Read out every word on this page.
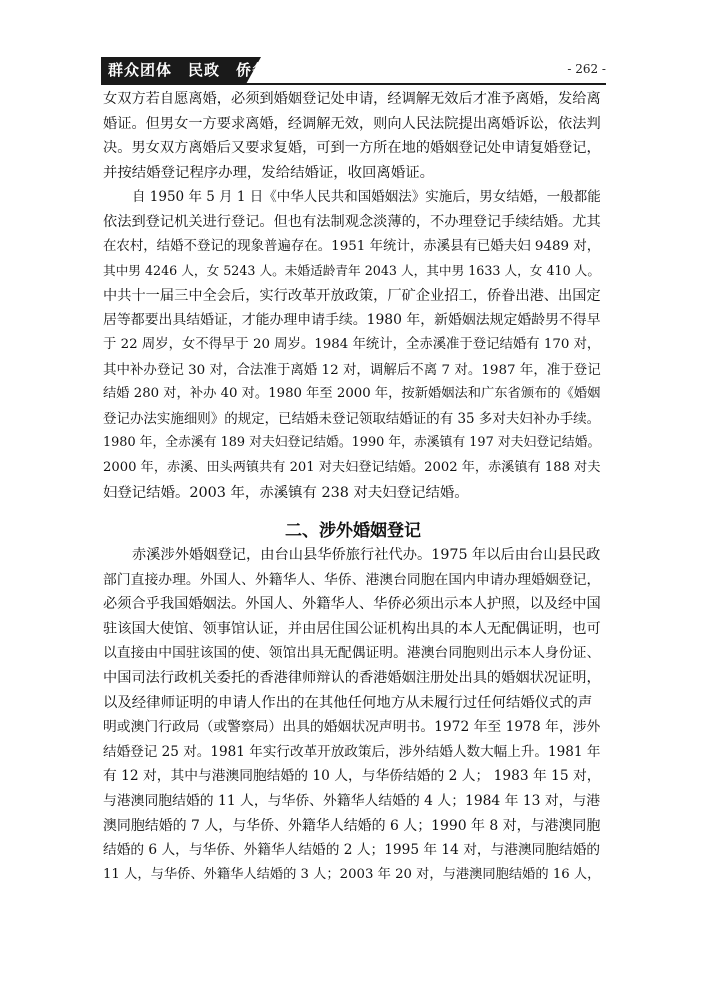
群众团体　民政　侨务	- 262 -

女双方若自愿离婚，必须到婚姻登记处申请，经调解无效后才准予离婚，发给离
婚证。但男女一方要求离婚，经调解无效，则向人民法院提出离婚诉讼，依法判
决。男女双方离婚后又要求复婚，可到一方所在地的婚姻登记处申请复婚登记，
并按结婚登记程序办理，发给结婚证，收回离婚证。

自 1950 年 5 月 1 日《中华人民共和国婚姻法》实施后，男女结婚，一般都能
依法到登记机关进行登记。但也有法制观念淡薄的，不办理登记手续结婚。尤其
在农村，结婚不登记的现象普遍存在。1951 年统计，赤溪县有已婚夫妇 9489 对，
其中男 4246 人，女 5243 人。未婚适龄青年 2043 人，其中男 1633 人，女 410 人。
中共十一届三中全会后，实行改革开放政策，厂矿企业招工，侨眷出港、出国定
居等都要出具结婚证，才能办理申请手续。1980 年，新婚姻法规定婚龄男不得早
于 22 周岁，女不得早于 20 周岁。1984 年统计，全赤溪准于登记结婚有 170 对，
其中补办登记 30 对，合法准于离婚 12 对，调解后不离 7 对。1987 年，准于登记
结婚 280 对，补办 40 对。1980 年至 2000 年，按新婚姻法和广东省颁布的《婚姻
登记办法实施细则》的规定，已结婚未登记领取结婚证的有 35 多对夫妇补办手续。
1980 年，全赤溪有 189 对夫妇登记结婚。1990 年，赤溪镇有 197 对夫妇登记结婚。
2000 年，赤溪、田头两镇共有 201 对夫妇登记结婚。2002 年，赤溪镇有 188 对夫
妇登记结婚。2003 年，赤溪镇有 238 对夫妇登记结婚。

二、涉外婚姻登记

赤溪涉外婚姻登记，由台山县华侨旅行社代办。1975 年以后由台山县民政
部门直接办理。外国人、外籍华人、华侨、港澳台同胞在国内申请办理婚姻登记，
必须合乎我国婚姻法。外国人、外籍华人、华侨必须出示本人护照，以及经中国
驻该国大使馆、领事馆认证，并由居住国公证机构出具的本人无配偶证明，也可
以直接由中国驻该国的使、领馆出具无配偶证明。港澳台同胞则出示本人身份证、
中国司法行政机关委托的香港律师辩认的香港婚姻注册处出具的婚姻状况证明，
以及经律师证明的申请人作出的在其他任何地方从未履行过任何结婚仪式的声
明或澳门行政局（或警察局）出具的婚姻状况声明书。1972 年至 1978 年，涉外
结婚登记 25 对。1981 年实行改革开放政策后，涉外结婚人数大幅上升。1981 年
有 12 对，其中与港澳同胞结婚的 10 人，与华侨结婚的 2 人； 1983 年 15 对，
与港澳同胞结婚的 11 人，与华侨、外籍华人结婚的 4 人；1984 年 13 对，与港
澳同胞结婚的 7 人，与华侨、外籍华人结婚的 6 人；1990 年 8 对，与港澳同胞
结婚的 6 人，与华侨、外籍华人结婚的 2 人；1995 年 14 对，与港澳同胞结婚的
11 人，与华侨、外籍华人结婚的 3 人；2003 年 20 对，与港澳同胞结婚的 16 人，
